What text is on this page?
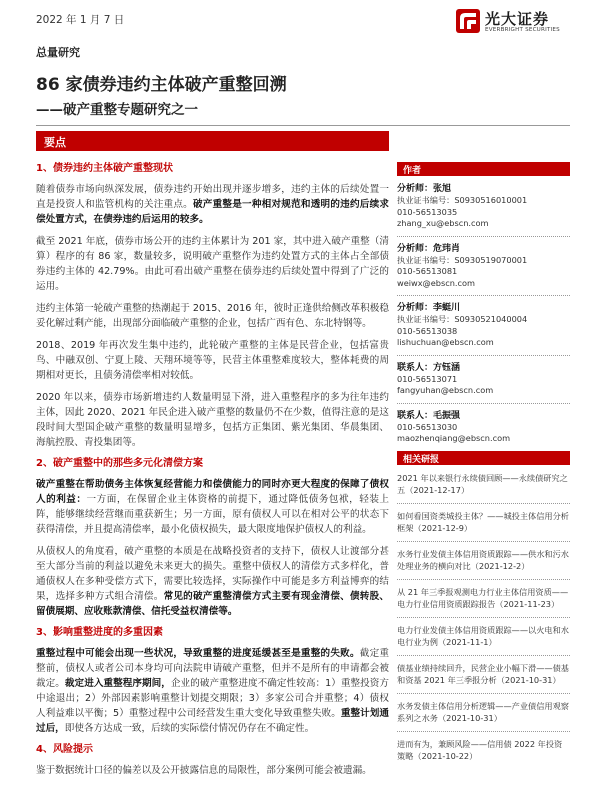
2022 年 1 月 7 日	光大证券
EVERBRIGHT SECURITIES
总量研究
86 家债券违约主体破产重整回溯
——破产重整专题研究之一
要点
1、债券违约主体破产重整现状

随着债券市场向纵深发展，债券违约开始出现并逐步增多，违约主体的后续处置一直是投资人和监管机构的关注重点。破产重整是一种相对规范和透明的违约后续求偿处置方式，在债券违约后运用的较多。

截至 2021 年底，债券市场公开的违约主体累计为 201 家，其中进入破产重整（清算）程序的有 86 家，数量较多，说明破产重整作为违约处置方式的主体占全部债券违约主体的 42.79%。由此可看出破产重整在债券违约后续处置中得到了广泛的运用。

违约主体第一轮破产重整的热潮起于 2015、2016 年，彼时正逢供给侧改革积极稳妥化解过剩产能，出现部分面临破产重整的企业，包括广西有色、东北特钢等。

2018、2019 年再次发生集中违约，此轮破产重整的主体是民营企业，包括富贵鸟、中融双创、宁夏上陵、天翔环境等等，民营主体重整难度较大，整体耗费的周期相对更长，且债务清偿率相对较低。

2020 年以来，债券市场新增违约人数量明显下滑，进入重整程序的多为往年违约主体，因此 2020、2021 年民企进入破产重整的数量仍不在少数，值得注意的是这段时间大型国企破产重整的数量明显增多，包括方正集团、紫光集团、华晨集团、海航控股、青投集团等。

2、破产重整中的那些多元化清偿方案

破产重整在帮助债务主体恢复经营能力和偿债能力的同时亦更大程度的保障了债权人的利益：一方面，在保留企业主体资格的前提下，通过降低债务包袱，轻装上阵，能够继续经营继而重获新生；另一方面，原有债权人可以在相对公平的状态下获得清偿，并且提高清偿率，最小化债权损失，最大限度地保护债权人的利益。

从债权人的角度看，破产重整的本质是在战略投资者的支持下，债权人让渡部分甚至大部分当前的利益以避免未来更大的损失。重整中债权人的清偿方式多样化，普通债权人在多种受偿方式下，需要比较选择，实际操作中可能是多方利益博弈的结果，选择多种方式组合清偿。常见的破产重整清偿方式主要有现金清偿、债转股、留债展期、应收账款清偿、信托受益权清偿等。

3、影响重整进度的多重因素

重整过程中可能会出现一些状况，导致重整的进度延缓甚至是重整的失败。截定重整前，债权人或者公司本身均可向法院申请破产重整，但并不是所有的申请都会被裁定。裁定进入重整程序期间，企业的破产重整进度不确定性较高：1）重整投资方中途退出；2）外部因素影响重整计划提交期限；3）多家公司合并重整；4）债权人利益难以平衡；5）重整过程中公司经营发生重大变化导致重整失败。重整计划通过后，即使各方达成一致，后续的实际偿付情况仍存在不确定性。

4、风险提示

鉴于数据统计口径的偏差以及公开披露信息的局限性，部分案例可能会被遗漏。

作者
分析师：张旭
执业证书编号：S0930516010001
010-56513035
zhang_xu@ebscn.com
分析师：危玮肖
执业证书编号：S0930519070001
010-56513081
weiwx@ebscn.com
分析师：李蜓川
执业证书编号：S0930521040004
010-56513038
lishuchuan@ebscn.com
联系人：方钰涵
010-56513071
fangyuhan@ebscn.com
联系人：毛振强
010-56513030
maozhenqiang@ebscn.com
相关研报
2021 年以来银行永续债回顾——永续债研究之五（2021-12-17）
如何看国资类城投主体？——城投主体信用分析框架（2021-12-9）
水务行业发债主体信用资质跟踪——供水和污水处理业务的横向对比（2021-12-2）
从 21 年三季报观测电力行业主体信用资质——电力行业信用资质跟踪报告（2021-11-23）
电力行业发债主体信用资质跟踪——以火电和水电行业为例（2021-11-1）
债基业绩持续回升，民营企业小幅下滑——债基和资基 2021 年三季报分析（2021-10-31）
水务发债主体信用分析逻辑——产业债信用观察系列之水务（2021-10-31）
进而有为，兼顾风险——信用债 2022 年投资策略（2021-10-22）
